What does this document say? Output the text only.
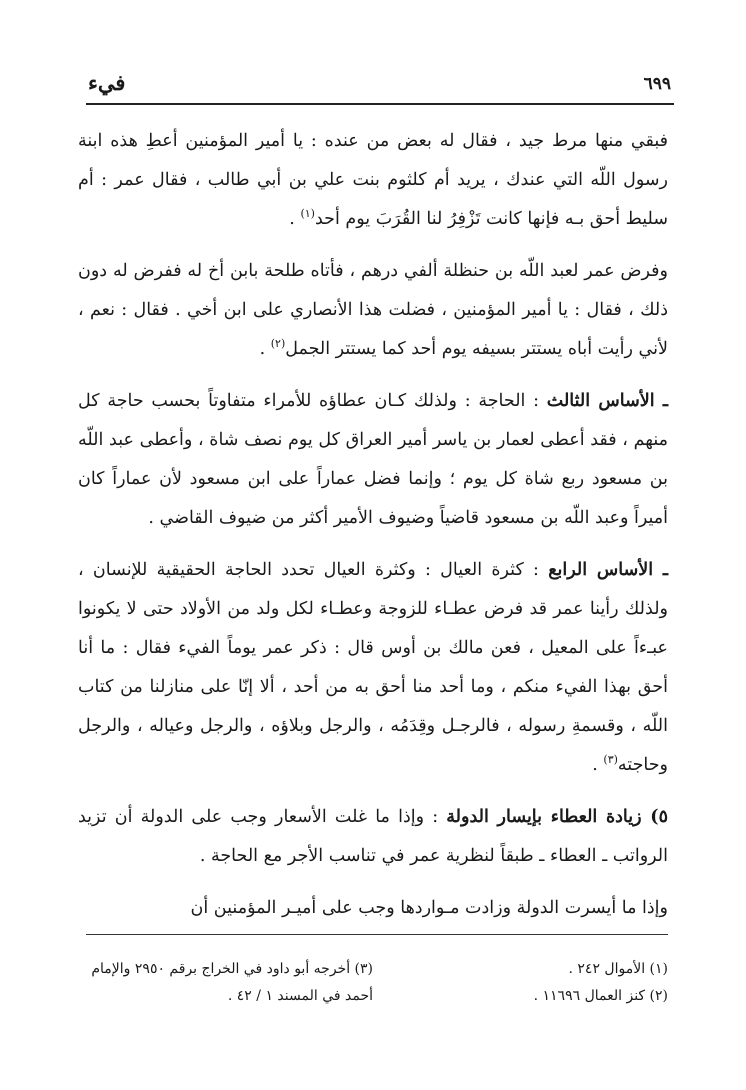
٦٩٩
فيء

فبقي منها مرط جيد ، فقال له بعض من عنده : يا أمير المؤمنين أعطِ هذه ابنة رسول اللّه التي عندك ، يريد أم كلثوم بنت علي بن أبي طالب ، فقال عمر : أم سليط أحق بـه فإنها كانت تَزْفِرُ لنا القُرَبَ يوم أحد$^{(١)}$ .

وفرض عمر لعبد اللّه بن حنظلة ألفي درهم ، فأتاه طلحة بابن أخ له ففرض له دون ذلك ، فقال : يا أمير المؤمنين ، فضلت هذا الأنصاري على ابن أخي . فقال : نعم ، لأني رأيت أباه يستتر بسيفه يوم أحد كما يستتر الجمل$^{(٢)}$ .

ـ الأساس الثالث : الحاجة : ولذلك كـان عطاؤه للأمراء متفاوتاً بحسب حاجة كل منهم ، فقد أعطى لعمار بن ياسر أمير العراق كل يوم نصف شاة ، وأعطى عبد اللّه بن مسعود ربع شاة كل يوم ؛ وإنما فضل عماراً على ابن مسعود لأن عماراً كان أميراً وعبد اللّه بن مسعود قاضياً وضيوف الأمير أكثر من ضيوف القاضي .

ـ الأساس الرابع : كثرة العيال : وكثرة العيال تحدد الحاجة الحقيقية للإنسان ، ولذلك رأينا عمر قد فرض عطـاء للزوجة وعطـاء لكل ولد من الأولاد حتى لا يكونوا عبـءاً على المعيل ، فعن مالك بن أوس قال : ذكر عمر يوماً الفيء فقال : ما أنا أحق بهذا الفيء منكم ، وما أحد منا أحق به من أحد ، ألا إنّا على منازلنا من كتاب اللّه ، وقسمةِ رسوله ، فالرجـل وقِدَمُه ، والرجل وبلاؤه ، والرجل وعياله ، والرجل وحاجته$^{(٣)}$ .

٥) زيادة العطاء بإيسار الدولة : وإذا ما غلت الأسعار وجب على الدولة أن تزيد الرواتب ـ العطاء ـ طبقاً لنظرية عمر في تناسب الأجر مع الحاجة .

وإذا ما أيسرت الدولة وزادت مـواردها وجب على أميـر المؤمنين أن

(١) الأموال ٢٤٢ .
(٢) كنز العمال ١١٦٩٦ .
(٣) أخرجه أبو داود في الخراج برقم ٢٩٥٠ والإمام
أحمد في المسند ١ / ٤٢ .
